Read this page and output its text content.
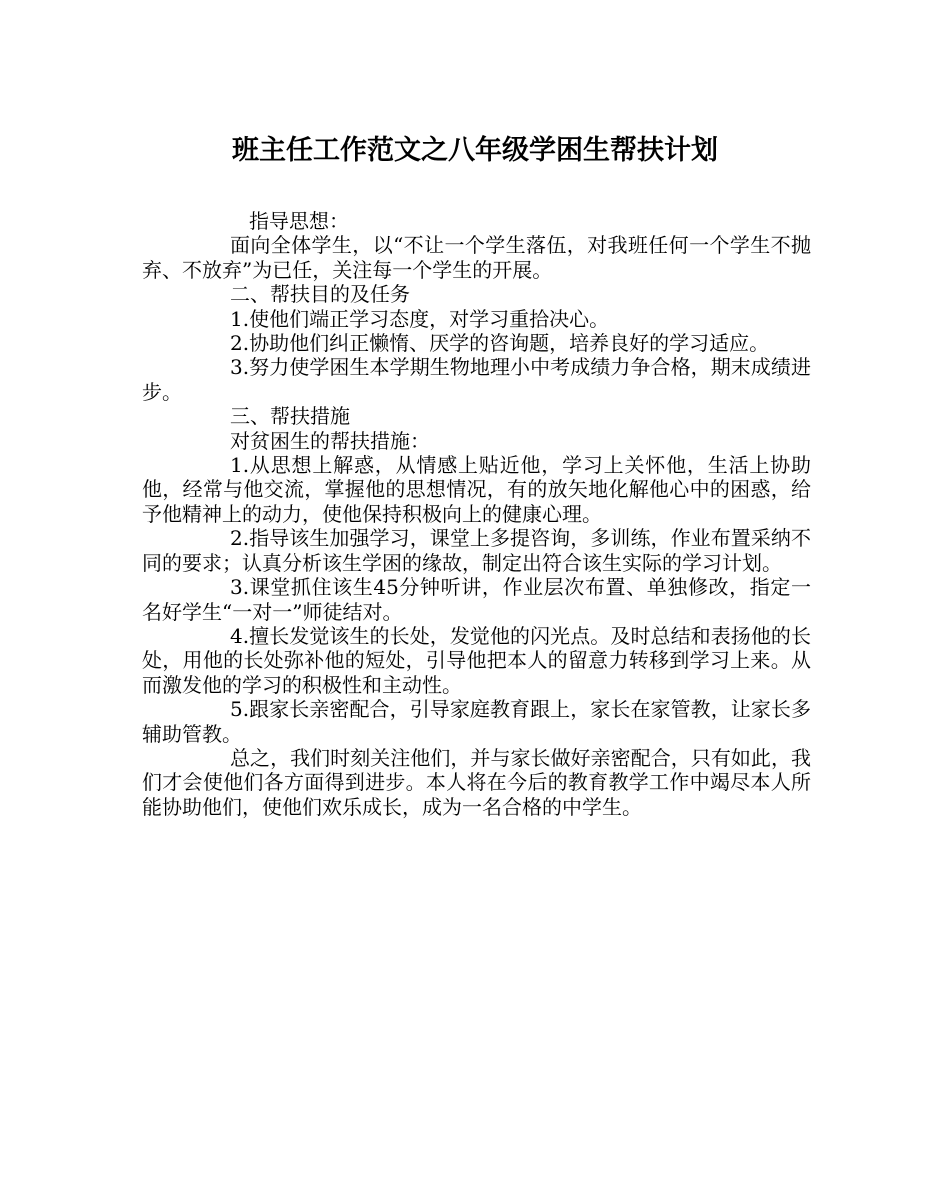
班主任工作范文之八年级学困生帮扶计划

指导思想：

面向全体学生，以“不让一个学生落伍，对我班任何一个学生不抛弃、不放弃”为已任，关注每一个学生的开展。

二、帮扶目的及任务

1.使他们端正学习态度，对学习重拾决心。

2.协助他们纠正懒惰、厌学的咨询题，培养良好的学习适应。

3.努力使学困生本学期生物地理小中考成绩力争合格，期末成绩进步。

三、帮扶措施

对贫困生的帮扶措施：

1.从思想上解惑，从情感上贴近他，学习上关怀他，生活上协助他，经常与他交流，掌握他的思想情况，有的放矢地化解他心中的困惑，给予他精神上的动力，使他保持积极向上的健康心理。

2.指导该生加强学习，课堂上多提咨询，多训练，作业布置采纳不同的要求；认真分析该生学困的缘故，制定出符合该生实际的学习计划。

3.课堂抓住该生45分钟听讲，作业层次布置、单独修改，指定一名好学生“一对一”师徒结对。

4.擅长发觉该生的长处，发觉他的闪光点。及时总结和表扬他的长处，用他的长处弥补他的短处，引导他把本人的留意力转移到学习上来。从而激发他的学习的积极性和主动性。

5.跟家长亲密配合，引导家庭教育跟上，家长在家管教，让家长多辅助管教。

总之，我们时刻关注他们，并与家长做好亲密配合，只有如此，我们才会使他们各方面得到进步。本人将在今后的教育教学工作中竭尽本人所能协助他们，使他们欢乐成长，成为一名合格的中学生。
